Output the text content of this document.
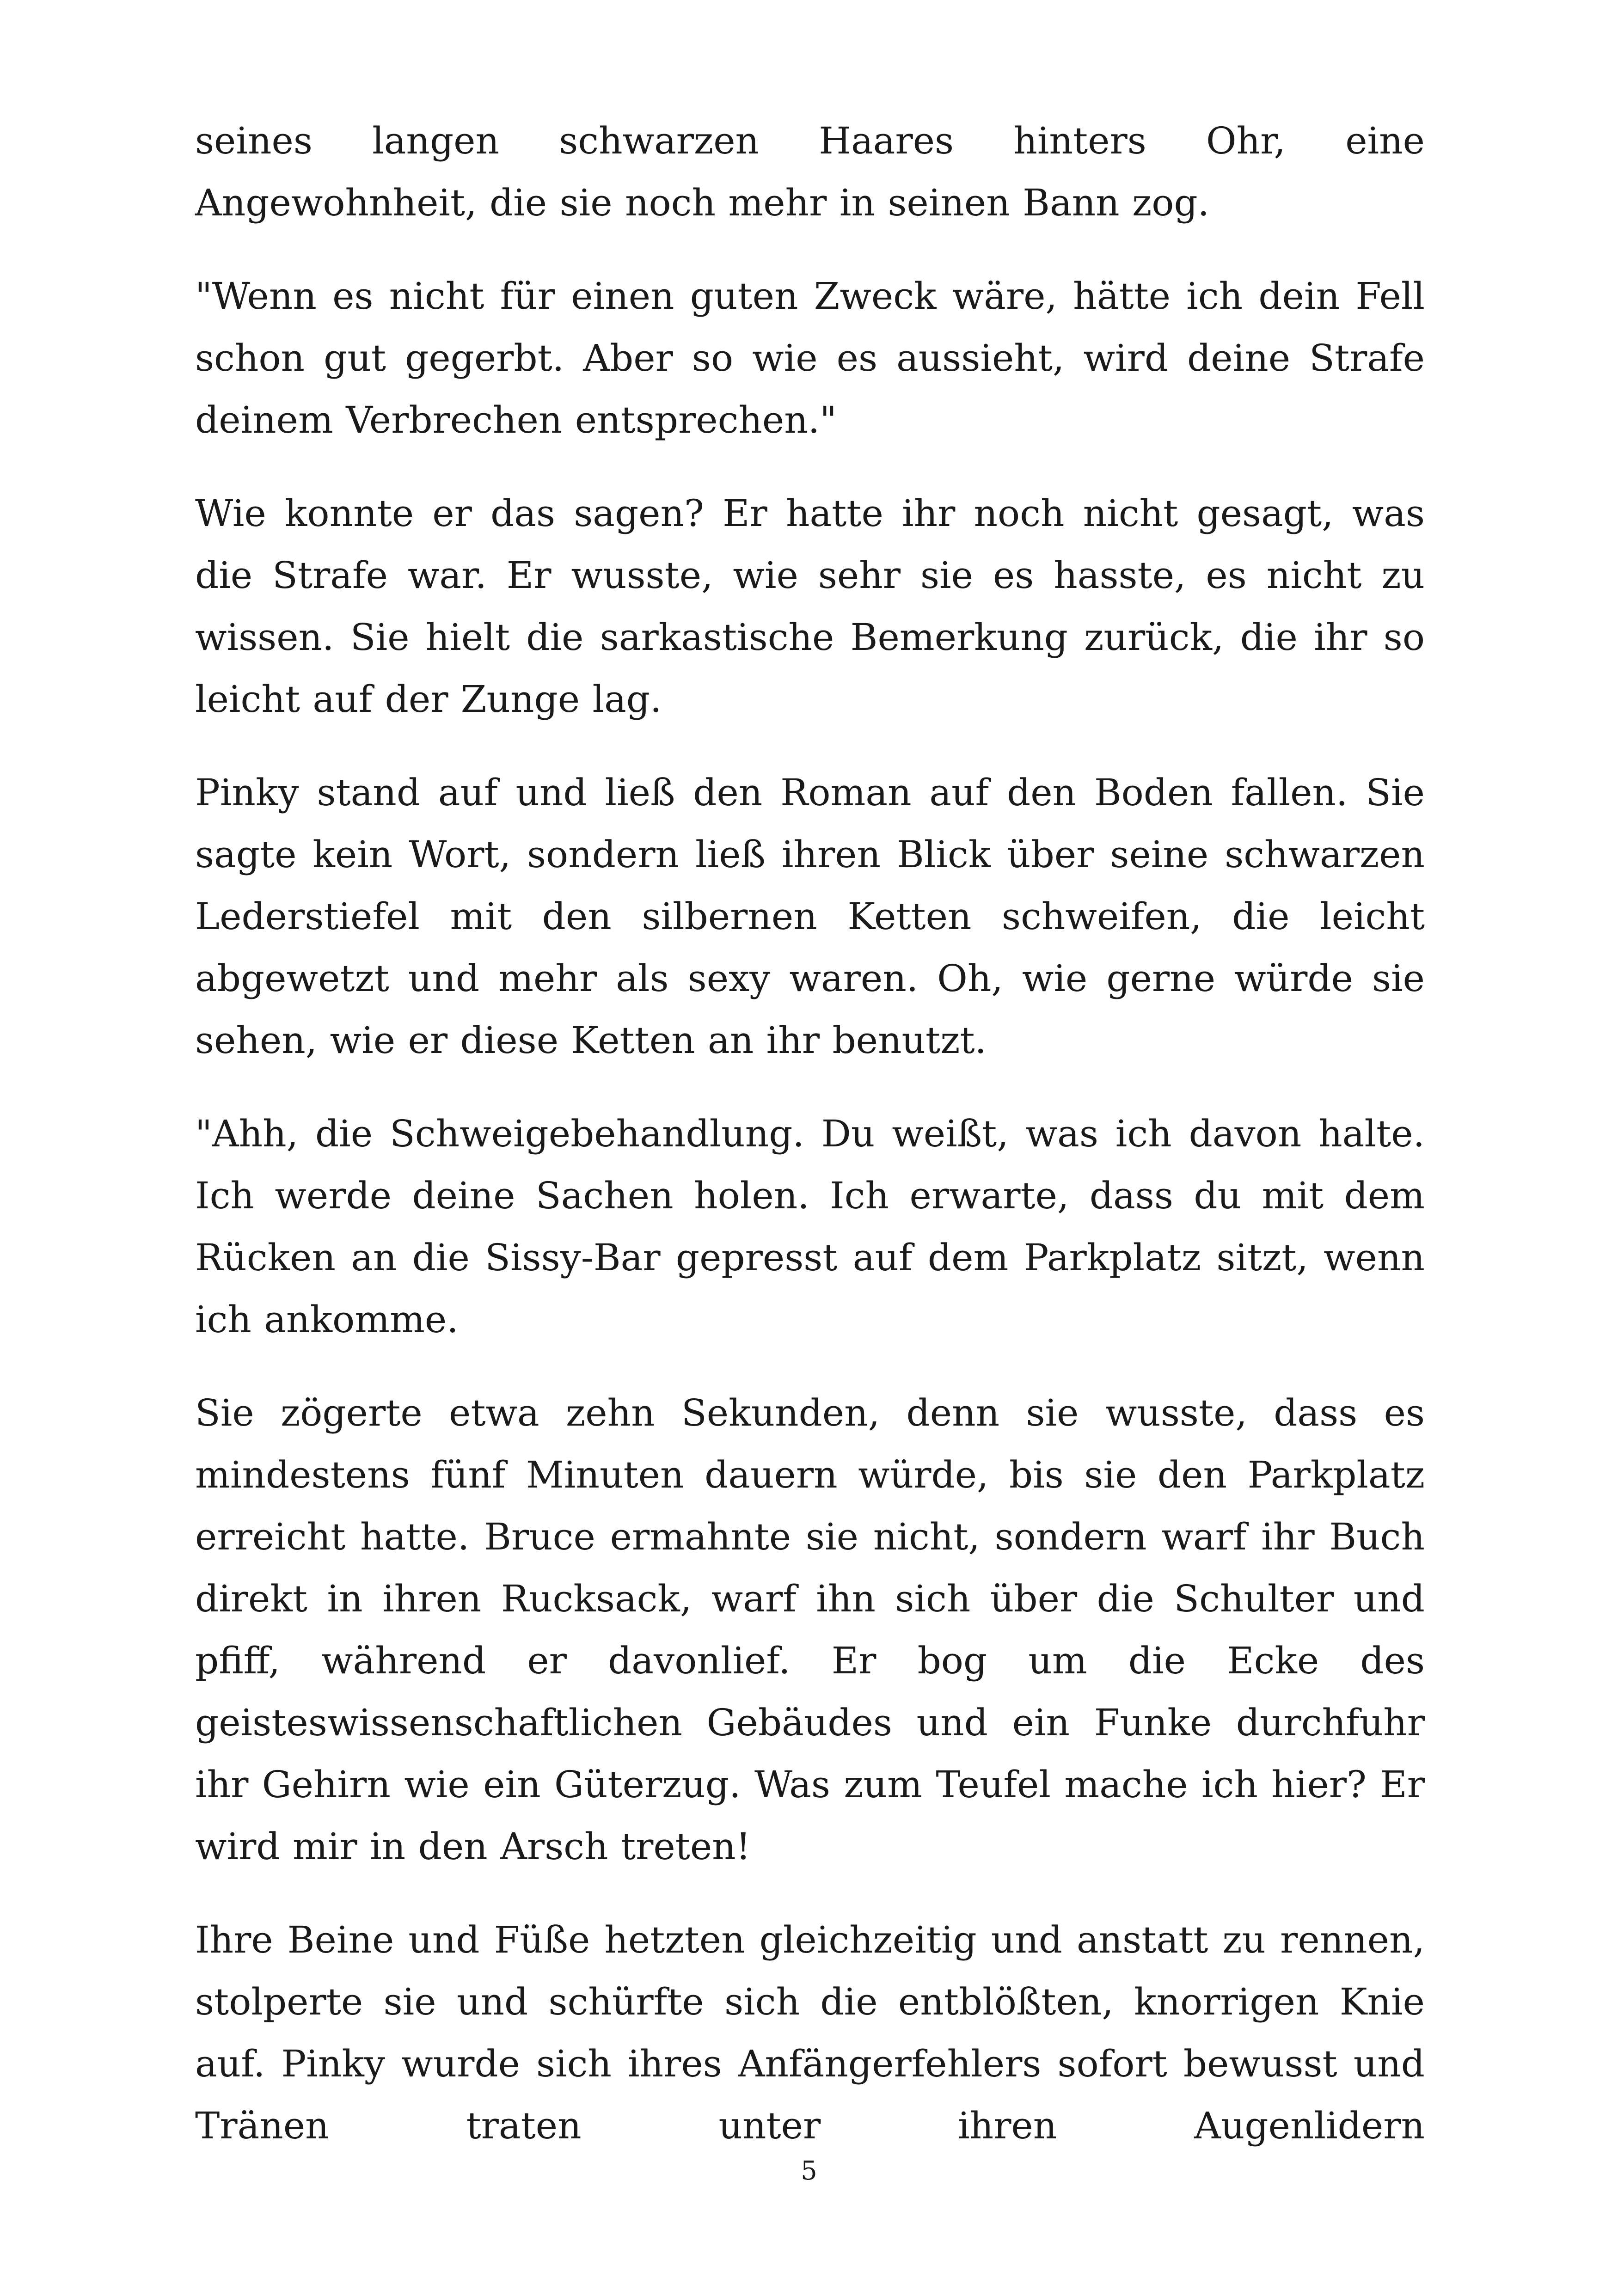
seines langen schwarzen Haares hinters Ohr, eine Angewohnheit, die sie noch mehr in seinen Bann zog.

"Wenn es nicht für einen guten Zweck wäre, hätte ich dein Fell schon gut gegerbt. Aber so wie es aussieht, wird deine Strafe deinem Verbrechen entsprechen."

Wie konnte er das sagen? Er hatte ihr noch nicht gesagt, was die Strafe war. Er wusste, wie sehr sie es hasste, es nicht zu wissen. Sie hielt die sarkastische Bemerkung zurück, die ihr so leicht auf der Zunge lag.

Pinky stand auf und ließ den Roman auf den Boden fallen. Sie sagte kein Wort, sondern ließ ihren Blick über seine schwarzen Lederstiefel mit den silbernen Ketten schweifen, die leicht abgewetzt und mehr als sexy waren. Oh, wie gerne würde sie sehen, wie er diese Ketten an ihr benutzt.

"Ahh, die Schweigebehandlung. Du weißt, was ich davon halte. Ich werde deine Sachen holen. Ich erwarte, dass du mit dem Rücken an die Sissy-Bar gepresst auf dem Parkplatz sitzt, wenn ich ankomme.

Sie zögerte etwa zehn Sekunden, denn sie wusste, dass es mindestens fünf Minuten dauern würde, bis sie den Parkplatz erreicht hatte. Bruce ermahnte sie nicht, sondern warf ihr Buch direkt in ihren Rucksack, warf ihn sich über die Schulter und pfiff, während er davonlief. Er bog um die Ecke des geisteswissenschaftlichen Gebäudes und ein Funke durchfuhr ihr Gehirn wie ein Güterzug. Was zum Teufel mache ich hier? Er wird mir in den Arsch treten!

Ihre Beine und Füße hetzten gleichzeitig und anstatt zu rennen, stolperte sie und schürfte sich die entblößten, knorrigen Knie auf. Pinky wurde sich ihres Anfängerfehlers sofort bewusst und Tränen traten unter ihren Augenlidern

5
